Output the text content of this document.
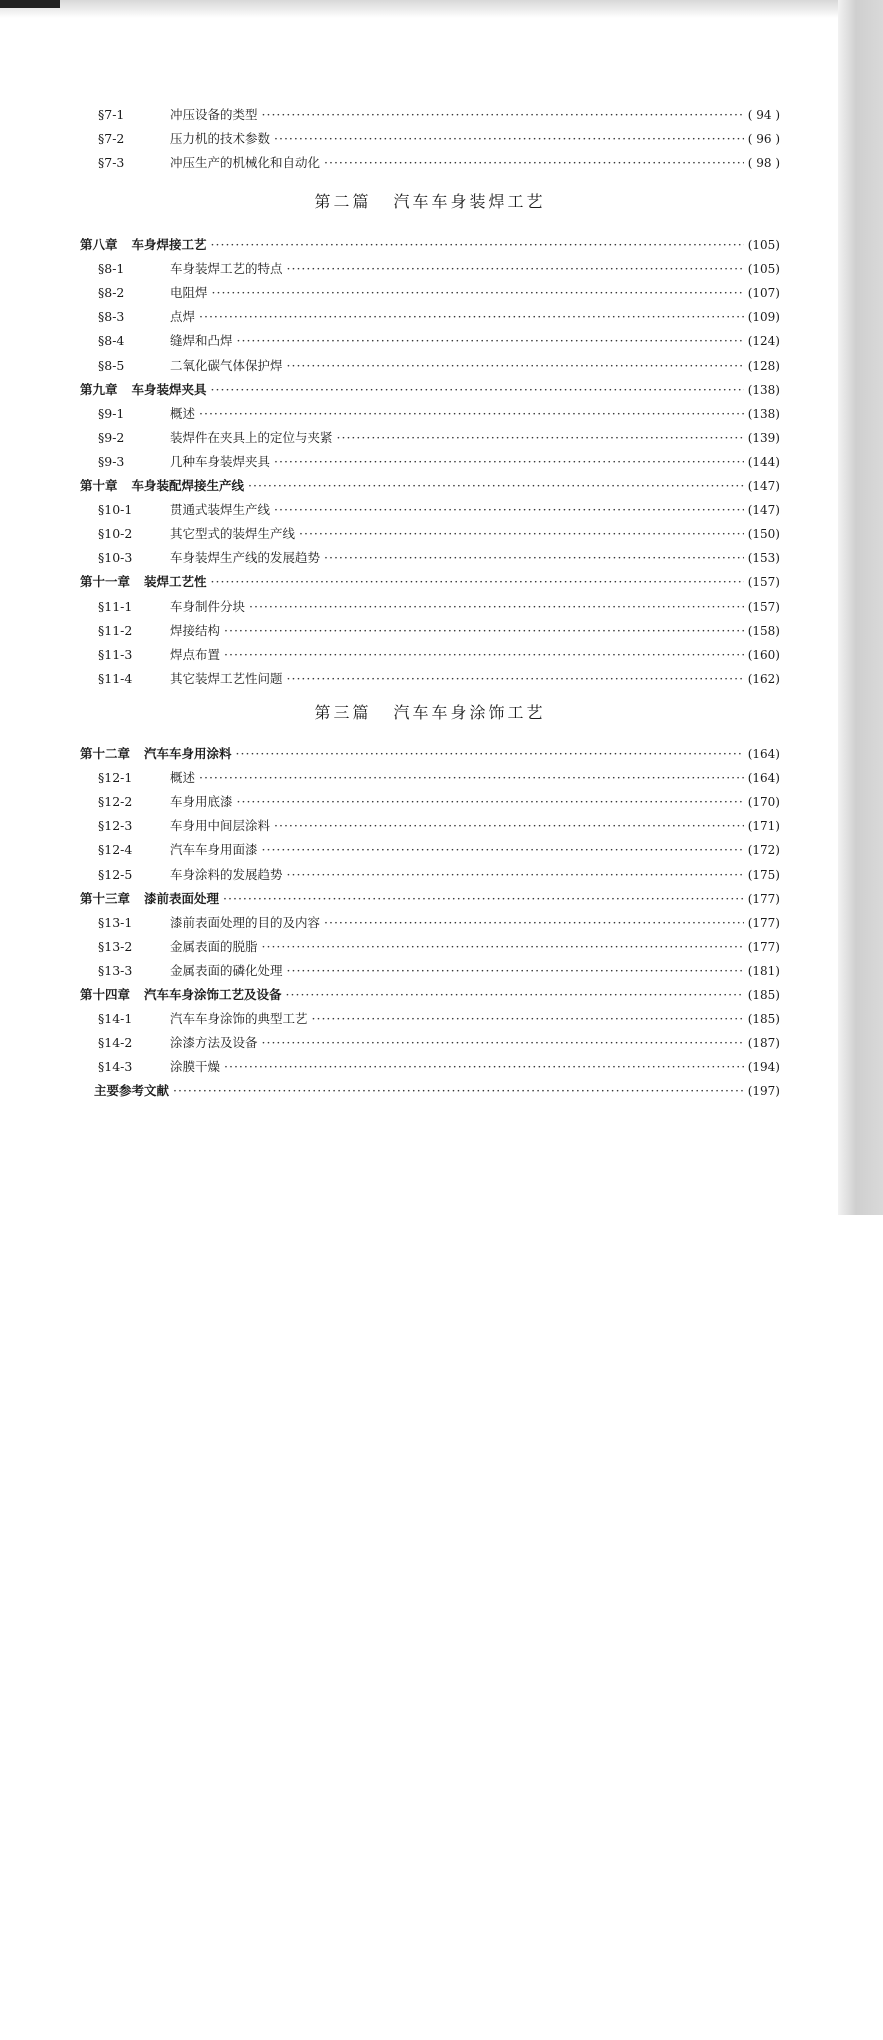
第二篇 汽车车身装焊工艺
第三篇 汽车车身涂饰工艺
§7-1	冲压设备的类型 ·····	( 94 )
§7-2	压力机的技术参数 ·····	( 96 )
§7-3	冲压生产的机械化和自动化 ·····	( 98 )
第八章 车身焊接工艺 ·····	(105)
§8-1	车身装焊工艺的特点 ·····	(105)
§8-2	电阻焊 ·····	(107)
§8-3	点焊 ·····	(109)
§8-4	缝焊和凸焊 ·····	(124)
§8-5	二氧化碳气体保护焊 ·····	(128)
第九章 车身装焊夹具 ·····	(138)
§9-1	概述 ·····	(138)
§9-2	装焊件在夹具上的定位与夹紧 ·····	(139)
§9-3	几种车身装焊夹具 ·····	(144)
第十章 车身装配焊接生产线 ·····	(147)
§10-1	贯通式装焊生产线 ·····	(147)
§10-2	其它型式的装焊生产线 ·····	(150)
§10-3	车身装焊生产线的发展趋势 ·····	(153)
第十一章 装焊工艺性 ·····	(157)
§11-1	车身制件分块 ·····	(157)
§11-2	焊接结构 ·····	(158)
§11-3	焊点布置 ·····	(160)
§11-4	其它装焊工艺性问题 ·····	(162)
第十二章 汽车车身用涂料 ·····	(164)
§12-1	概述 ·····	(164)
§12-2	车身用底漆 ·····	(170)
§12-3	车身用中间层涂料 ·····	(171)
§12-4	汽车车身用面漆 ·····	(172)
§12-5	车身涂料的发展趋势 ·····	(175)
第十三章 漆前表面处理 ·····	(177)
§13-1	漆前表面处理的目的及内容 ·····	(177)
§13-2	金属表面的脱脂 ·····	(177)
§13-3	金属表面的磷化处理 ·····	(181)
第十四章 汽车车身涂饰工艺及设备 ·····	(185)
§14-1	汽车车身涂饰的典型工艺 ·····	(185)
§14-2	涂漆方法及设备 ·····	(187)
§14-3	涂膜干燥 ·····	(194)
主要参考文献 ·····	(197)
